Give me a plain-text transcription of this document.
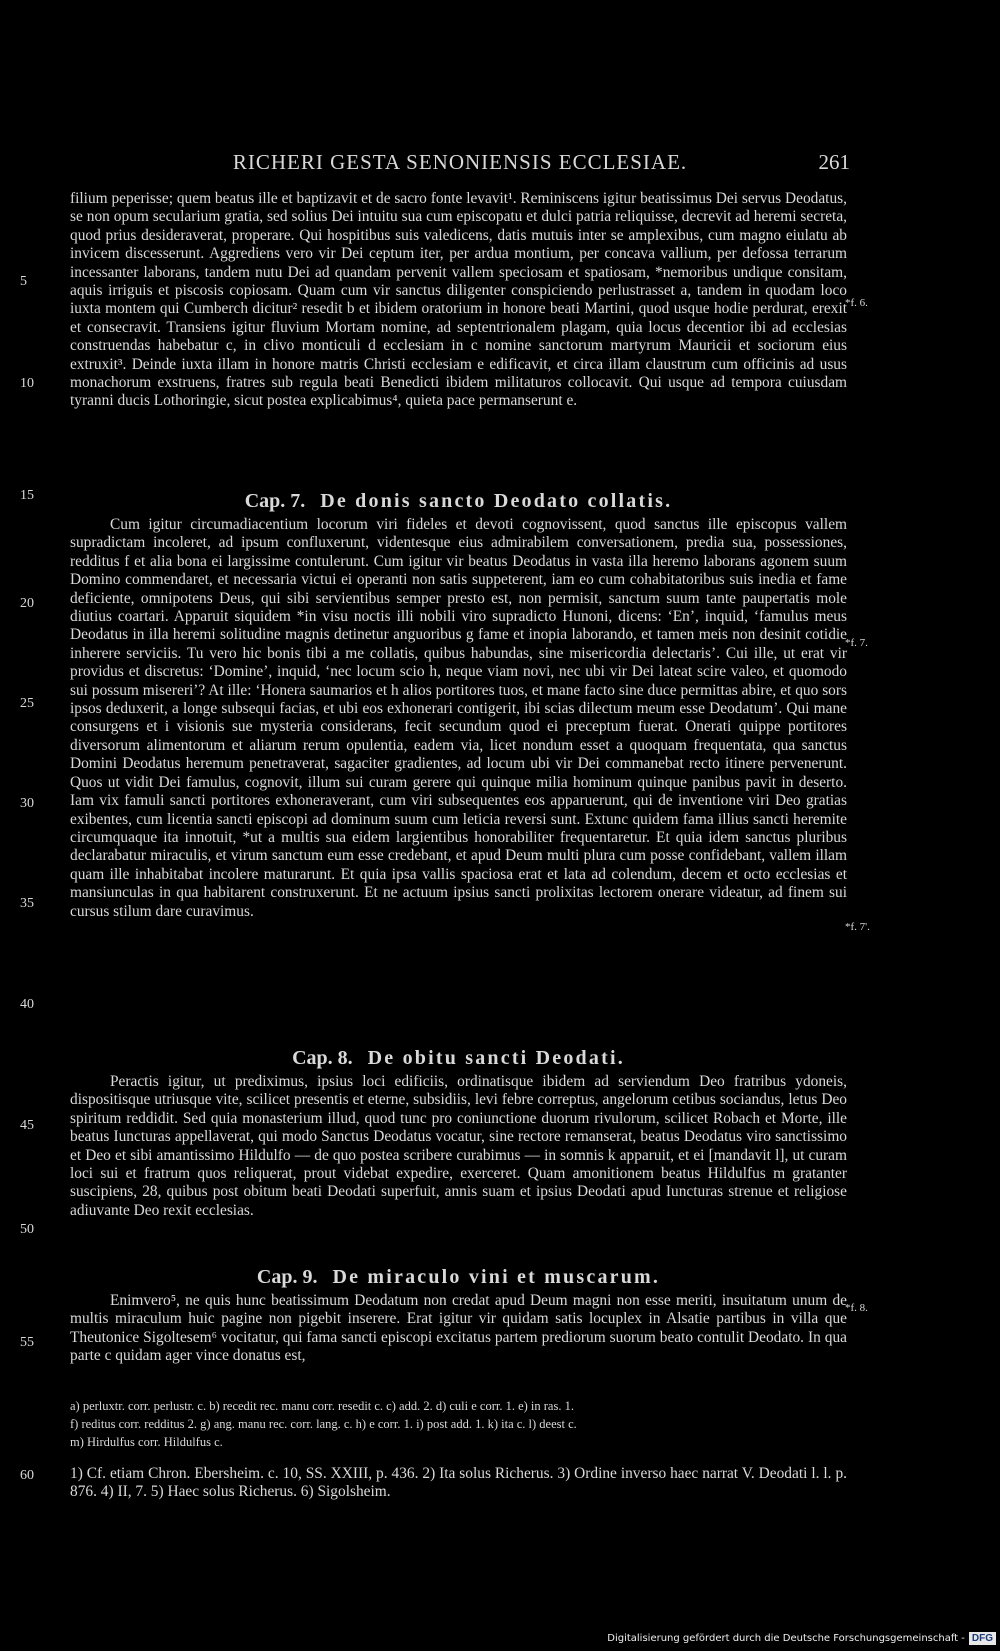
RICHERI GESTA SENONIENSIS ECCLESIAE.	261
5
10
15
20
25
30
35
40
45
50
55
60
*f. 6.
*f. 7.
*f. 7'.
*f. 8.

filium peperisse; quem beatus ille et baptizavit et de sacro fonte levavit¹. Reminiscens igitur beatissimus Dei servus Deodatus, se non opum secularium gratia, sed solius Dei intuitu sua cum episcopatu et dulci patria reliquisse, decrevit ad heremi secreta, quod prius desideraverat, properare. Qui hospitibus suis valedicens, datis mutuis inter se amplexibus, cum magno eiulatu ab invicem discesserunt. Aggrediens vero vir Dei ceptum iter, per ardua montium, per concava vallium, per defossa terrarum incessanter laborans, tandem nutu Dei ad quandam pervenit vallem speciosam et spatiosam, *nemoribus undique consitam, aquis irriguis et piscosis copiosam. Quam cum vir sanctus diligenter conspiciendo perlustrasset a, tandem in quodam loco iuxta montem qui Cumberch dicitur² resedit b et ibidem oratorium in honore beati Martini, quod usque hodie perdurat, erexit et consecravit. Transiens igitur fluvium Mortam nomine, ad septentrionalem plagam, quia locus decentior ibi ad ecclesias construendas habebatur c, in clivo monticuli d ecclesiam in c nomine sanctorum martyrum Mauricii et sociorum eius extruxit³. Deinde iuxta illam in honore matris Christi ecclesiam e edificavit, et circa illam claustrum cum officinis ad usus monachorum exstruens, fratres sub regula beati Benedicti ibidem militaturos collocavit. Qui usque ad tempora cuiusdam tyranni ducis Lothoringie, sicut postea explicabimus⁴, quieta pace permanserunt e.

Cap. 7. De donis sancto Deodato collatis.

Cum igitur circumadiacentium locorum viri fideles et devoti cognovissent, quod sanctus ille episcopus vallem supradictam incoleret, ad ipsum confluxerunt, videntesque eius admirabilem conversationem, predia sua, possessiones, redditus f et alia bona ei largissime contulerunt. Cum igitur vir beatus Deodatus in vasta illa heremo laborans agonem suum Domino commendaret, et necessaria victui ei operanti non satis suppeterent, iam eo cum cohabitatoribus suis inedia et fame deficiente, omnipotens Deus, qui sibi servientibus semper presto est, non permisit, sanctum suum tante paupertatis mole diutius coartari. Apparuit siquidem *in visu noctis illi nobili viro supradicto Hunoni, dicens: ‘En’, inquid, ‘famulus meus Deodatus in illa heremi solitudine magnis detinetur anguoribus g fame et inopia laborando, et tamen meis non desinit cotidie inherere serviciis. Tu vero hic bonis tibi a me collatis, quibus habundas, sine misericordia delectaris’. Cui ille, ut erat vir providus et discretus: ‘Domine’, inquid, ‘nec locum scio h, neque viam novi, nec ubi vir Dei lateat scire valeo, et quomodo sui possum misereri’? At ille: ‘Honera saumarios et h alios portitores tuos, et mane facto sine duce permittas abire, et quo sors ipsos deduxerit, a longe subsequi facias, et ubi eos exhonerari contigerit, ibi scias dilectum meum esse Deodatum’. Qui mane consurgens et i visionis sue mysteria considerans, fecit secundum quod ei preceptum fuerat. Onerati quippe portitores diversorum alimentorum et aliarum rerum opulentia, eadem via, licet nondum esset a quoquam frequentata, qua sanctus Domini Deodatus heremum penetraverat, sagaciter gradientes, ad locum ubi vir Dei commanebat recto itinere pervenerunt. Quos ut vidit Dei famulus, cognovit, illum sui curam gerere qui quinque milia hominum quinque panibus pavit in deserto. Iam vix famuli sancti portitores exhoneraverant, cum viri subsequentes eos apparuerunt, qui de inventione viri Deo gratias exibentes, cum licentia sancti episcopi ad dominum suum cum leticia reversi sunt. Extunc quidem fama illius sancti heremite circumquaque ita innotuit, *ut a multis sua eidem largientibus honorabiliter frequentaretur. Et quia idem sanctus pluribus declarabatur miraculis, et virum sanctum eum esse credebant, et apud Deum multi plura cum posse confidebant, vallem illam quam ille inhabitabat incolere maturarunt. Et quia ipsa vallis spaciosa erat et lata ad colendum, decem et octo ecclesias et mansiunculas in qua habitarent construxerunt. Et ne actuum ipsius sancti prolixitas lectorem onerare videatur, ad finem sui cursus stilum dare curavimus.

Cap. 8. De obitu sancti Deodati.

Peractis igitur, ut prediximus, ipsius loci edificiis, ordinatisque ibidem ad serviendum Deo fratribus ydoneis, dispositisque utriusque vite, scilicet presentis et eterne, subsidiis, levi febre correptus, angelorum cetibus sociandus, letus Deo spiritum reddidit. Sed quia monasterium illud, quod tunc pro coniunctione duorum rivulorum, scilicet Robach et Morte, ille beatus Iuncturas appellaverat, qui modo Sanctus Deodatus vocatur, sine rectore remanserat, beatus Deodatus viro sanctissimo et Deo et sibi amantissimo Hildulfo — de quo postea scribere curabimus — in somnis k apparuit, et ei [mandavit l], ut curam loci sui et fratrum quos reliquerat, prout videbat expedire, exerceret. Quam amonitionem beatus Hildulfus m gratanter suscipiens, 28, quibus post obitum beati Deodati superfuit, annis suam et ipsius Deodati apud Iuncturas strenue et religiose adiuvante Deo rexit ecclesias.

Cap. 9. De miraculo vini et muscarum.

Enimvero⁵, ne quis hunc beatissimum Deodatum non credat apud Deum magni non esse meriti, insuitatum unum de multis miraculum huic pagine non pigebit inserere. Erat igitur vir quidam satis locuplex in Alsatie partibus in villa que Theutonice Sigoltesem⁶ vocitatur, qui fama sancti episcopi excitatus partem prediorum suorum beato contulit Deodato. In qua parte c quidam ager vince donatus est,

a) perluxtr. corr. perlustr. c. b) recedit rec. manu corr. resedit c. c) add. 2. d) culi e corr. 1. e) in ras. 1.

f) reditus corr. redditus 2. g) ang. manu rec. corr. lang. c. h) e corr. 1. i) post add. 1. k) ita c. l) deest c.

m) Hirdulfus corr. Hildulfus c.

1) Cf. etiam Chron. Ebersheim. c. 10, SS. XXIII, p. 436. 2) Ita solus Richerus. 3) Ordine inverso haec narrat V. Deodati l. l. p. 876. 4) II, 7. 5) Haec solus Richerus. 6) Sigolsheim.

Digitalisierung gefördert durch die Deutsche Forschungsgemeinschaft - DFG
